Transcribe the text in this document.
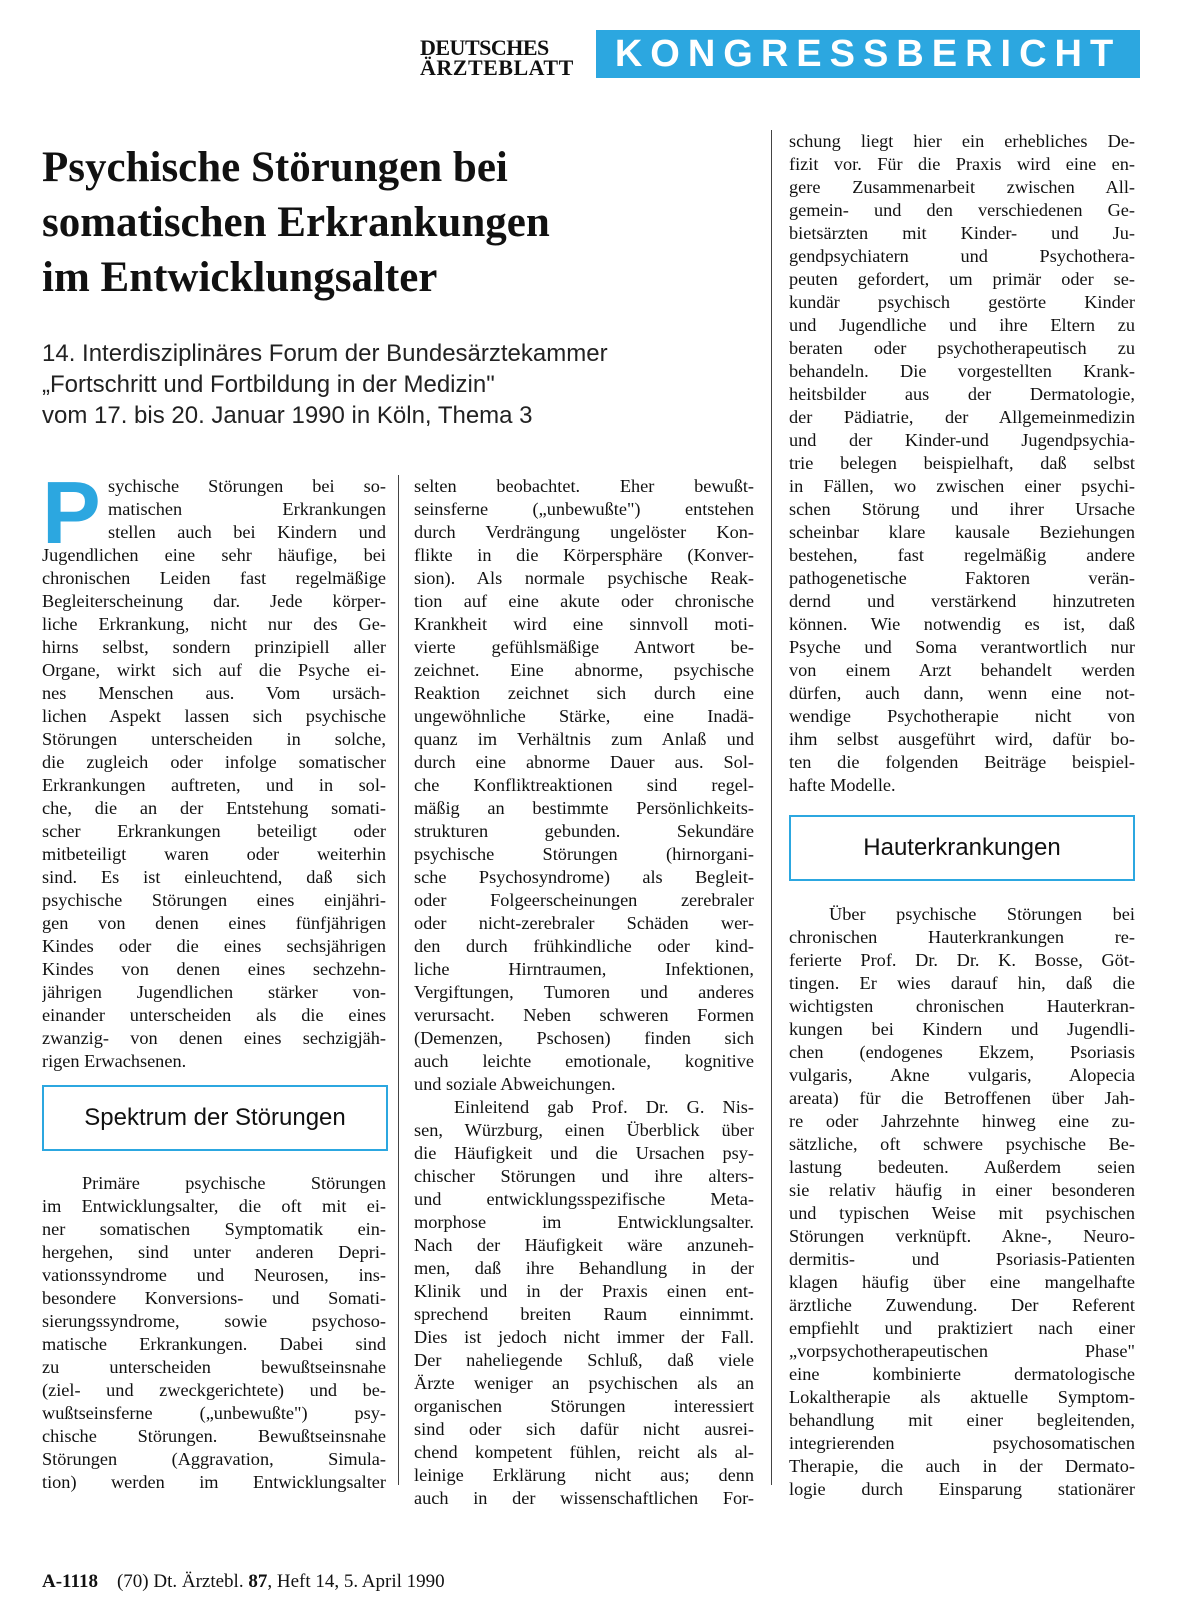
DEUTSCHES
ÄRZTEBLATT	KONGRESSBERICHT
Psychische Störungen bei
somatischen Erkrankungen
im Entwicklungsalter
14. Interdisziplinäres Forum der Bundesärztekammer
„Fortschritt und Fortbildung in der Medizin"
vom 17. bis 20. Januar 1990 in Köln, Thema 3
P sychische Störungen bei so-
matischen Erkrankungen
stellen auch bei Kindern und
Jugendlichen eine sehr häufige, bei
chronischen Leiden fast regelmäßige
Begleiterscheinung dar. Jede körper-
liche Erkrankung, nicht nur des Ge-
hirns selbst, sondern prinzipiell aller
Organe, wirkt sich auf die Psyche ei-
nes Menschen aus. Vom ursäch-
lichen Aspekt lassen sich psychische
Störungen unterscheiden in solche,
die zugleich oder infolge somatischer
Erkrankungen auftreten, und in sol-
che, die an der Entstehung somati-
scher Erkrankungen beteiligt oder
mitbeteiligt waren oder weiterhin
sind. Es ist einleuchtend, daß sich
psychische Störungen eines einjähri-
gen von denen eines fünfjährigen
Kindes oder die eines sechsjährigen
Kindes von denen eines sechzehn-
jährigen Jugendlichen stärker von-
einander unterscheiden als die eines
zwanzig- von denen eines sechzigjäh-
rigen Erwachsenen.
Spektrum der Störungen
Primäre psychische Störungen
im Entwicklungsalter, die oft mit ei-
ner somatischen Symptomatik ein-
hergehen, sind unter anderen Depri-
vationssyndrome und Neurosen, ins-
besondere Konversions- und Somati-
sierungssyndrome, sowie psychoso-
matische Erkrankungen. Dabei sind
zu unterscheiden bewußtseinsnahe
(ziel- und zweckgerichtete) und be-
wußtseinsferne („unbewußte") psy-
chische Störungen. Bewußtseinsnahe
Störungen (Aggravation, Simula-
tion) werden im Entwicklungsalter
selten beobachtet. Eher bewußt-
seinsferne („unbewußte") entstehen
durch Verdrängung ungelöster Kon-
flikte in die Körpersphäre (Konver-
sion). Als normale psychische Reak-
tion auf eine akute oder chronische
Krankheit wird eine sinnvoll moti-
vierte gefühlsmäßige Antwort be-
zeichnet. Eine abnorme, psychische
Reaktion zeichnet sich durch eine
ungewöhnliche Stärke, eine Inadä-
quanz im Verhältnis zum Anlaß und
durch eine abnorme Dauer aus. Sol-
che Konfliktreaktionen sind regel-
mäßig an bestimmte Persönlichkeits-
strukturen gebunden. Sekundäre
psychische Störungen (hirnorgani-
sche Psychosyndrome) als Begleit-
oder Folgeerscheinungen zerebraler
oder nicht-zerebraler Schäden wer-
den durch frühkindliche oder kind-
liche Hirntraumen, Infektionen,
Vergiftungen, Tumoren und anderes
verursacht. Neben schweren Formen
(Demenzen, Pschosen) finden sich
auch leichte emotionale, kognitive
und soziale Abweichungen.
Einleitend gab Prof. Dr. G. Nis-
sen, Würzburg, einen Überblick über
die Häufigkeit und die Ursachen psy-
chischer Störungen und ihre alters-
und entwicklungsspezifische Meta-
morphose im Entwicklungsalter.
Nach der Häufigkeit wäre anzuneh-
men, daß ihre Behandlung in der
Klinik und in der Praxis einen ent-
sprechend breiten Raum einnimmt.
Dies ist jedoch nicht immer der Fall.
Der naheliegende Schluß, daß viele
Ärzte weniger an psychischen als an
organischen Störungen interessiert
sind oder sich dafür nicht ausrei-
chend kompetent fühlen, reicht als al-
leinige Erklärung nicht aus; denn
auch in der wissenschaftlichen For-
schung liegt hier ein erhebliches De-
fizit vor. Für die Praxis wird eine en-
gere Zusammenarbeit zwischen All-
gemein- und den verschiedenen Ge-
bietsärzten mit Kinder- und Ju-
gendpsychiatern und Psychothera-
peuten gefordert, um primär oder se-
kundär psychisch gestörte Kinder
und Jugendliche und ihre Eltern zu
beraten oder psychotherapeutisch zu
behandeln. Die vorgestellten Krank-
heitsbilder aus der Dermatologie,
der Pädiatrie, der Allgemeinmedizin
und der Kinder-und Jugendpsychia-
trie belegen beispielhaft, daß selbst
in Fällen, wo zwischen einer psychi-
schen Störung und ihrer Ursache
scheinbar klare kausale Beziehungen
bestehen, fast regelmäßig andere
pathogenetische Faktoren verän-
dernd und verstärkend hinzutreten
können. Wie notwendig es ist, daß
Psyche und Soma verantwortlich nur
von einem Arzt behandelt werden
dürfen, auch dann, wenn eine not-
wendige Psychotherapie nicht von
ihm selbst ausgeführt wird, dafür bo-
ten die folgenden Beiträge beispiel-
hafte Modelle.
Hauterkrankungen
Über psychische Störungen bei
chronischen Hauterkrankungen re-
ferierte Prof. Dr. Dr. K. Bosse, Göt-
tingen. Er wies darauf hin, daß die
wichtigsten chronischen Hauterkran-
kungen bei Kindern und Jugendli-
chen (endogenes Ekzem, Psoriasis
vulgaris, Akne vulgaris, Alopecia
areata) für die Betroffenen über Jah-
re oder Jahrzehnte hinweg eine zu-
sätzliche, oft schwere psychische Be-
lastung bedeuten. Außerdem seien
sie relativ häufig in einer besonderen
und typischen Weise mit psychischen
Störungen verknüpft. Akne-, Neuro-
dermitis- und Psoriasis-Patienten
klagen häufig über eine mangelhafte
ärztliche Zuwendung. Der Referent
empfiehlt und praktiziert nach einer
„vorpsychotherapeutischen Phase"
eine kombinierte dermatologische
Lokaltherapie als aktuelle Symptom-
behandlung mit einer begleitenden,
integrierenden psychosomatischen
Therapie, die auch in der Dermato-
logie durch Einsparung stationärer
A-1118 (70) Dt. Ärztebl. 87, Heft 14, 5. April 1990
